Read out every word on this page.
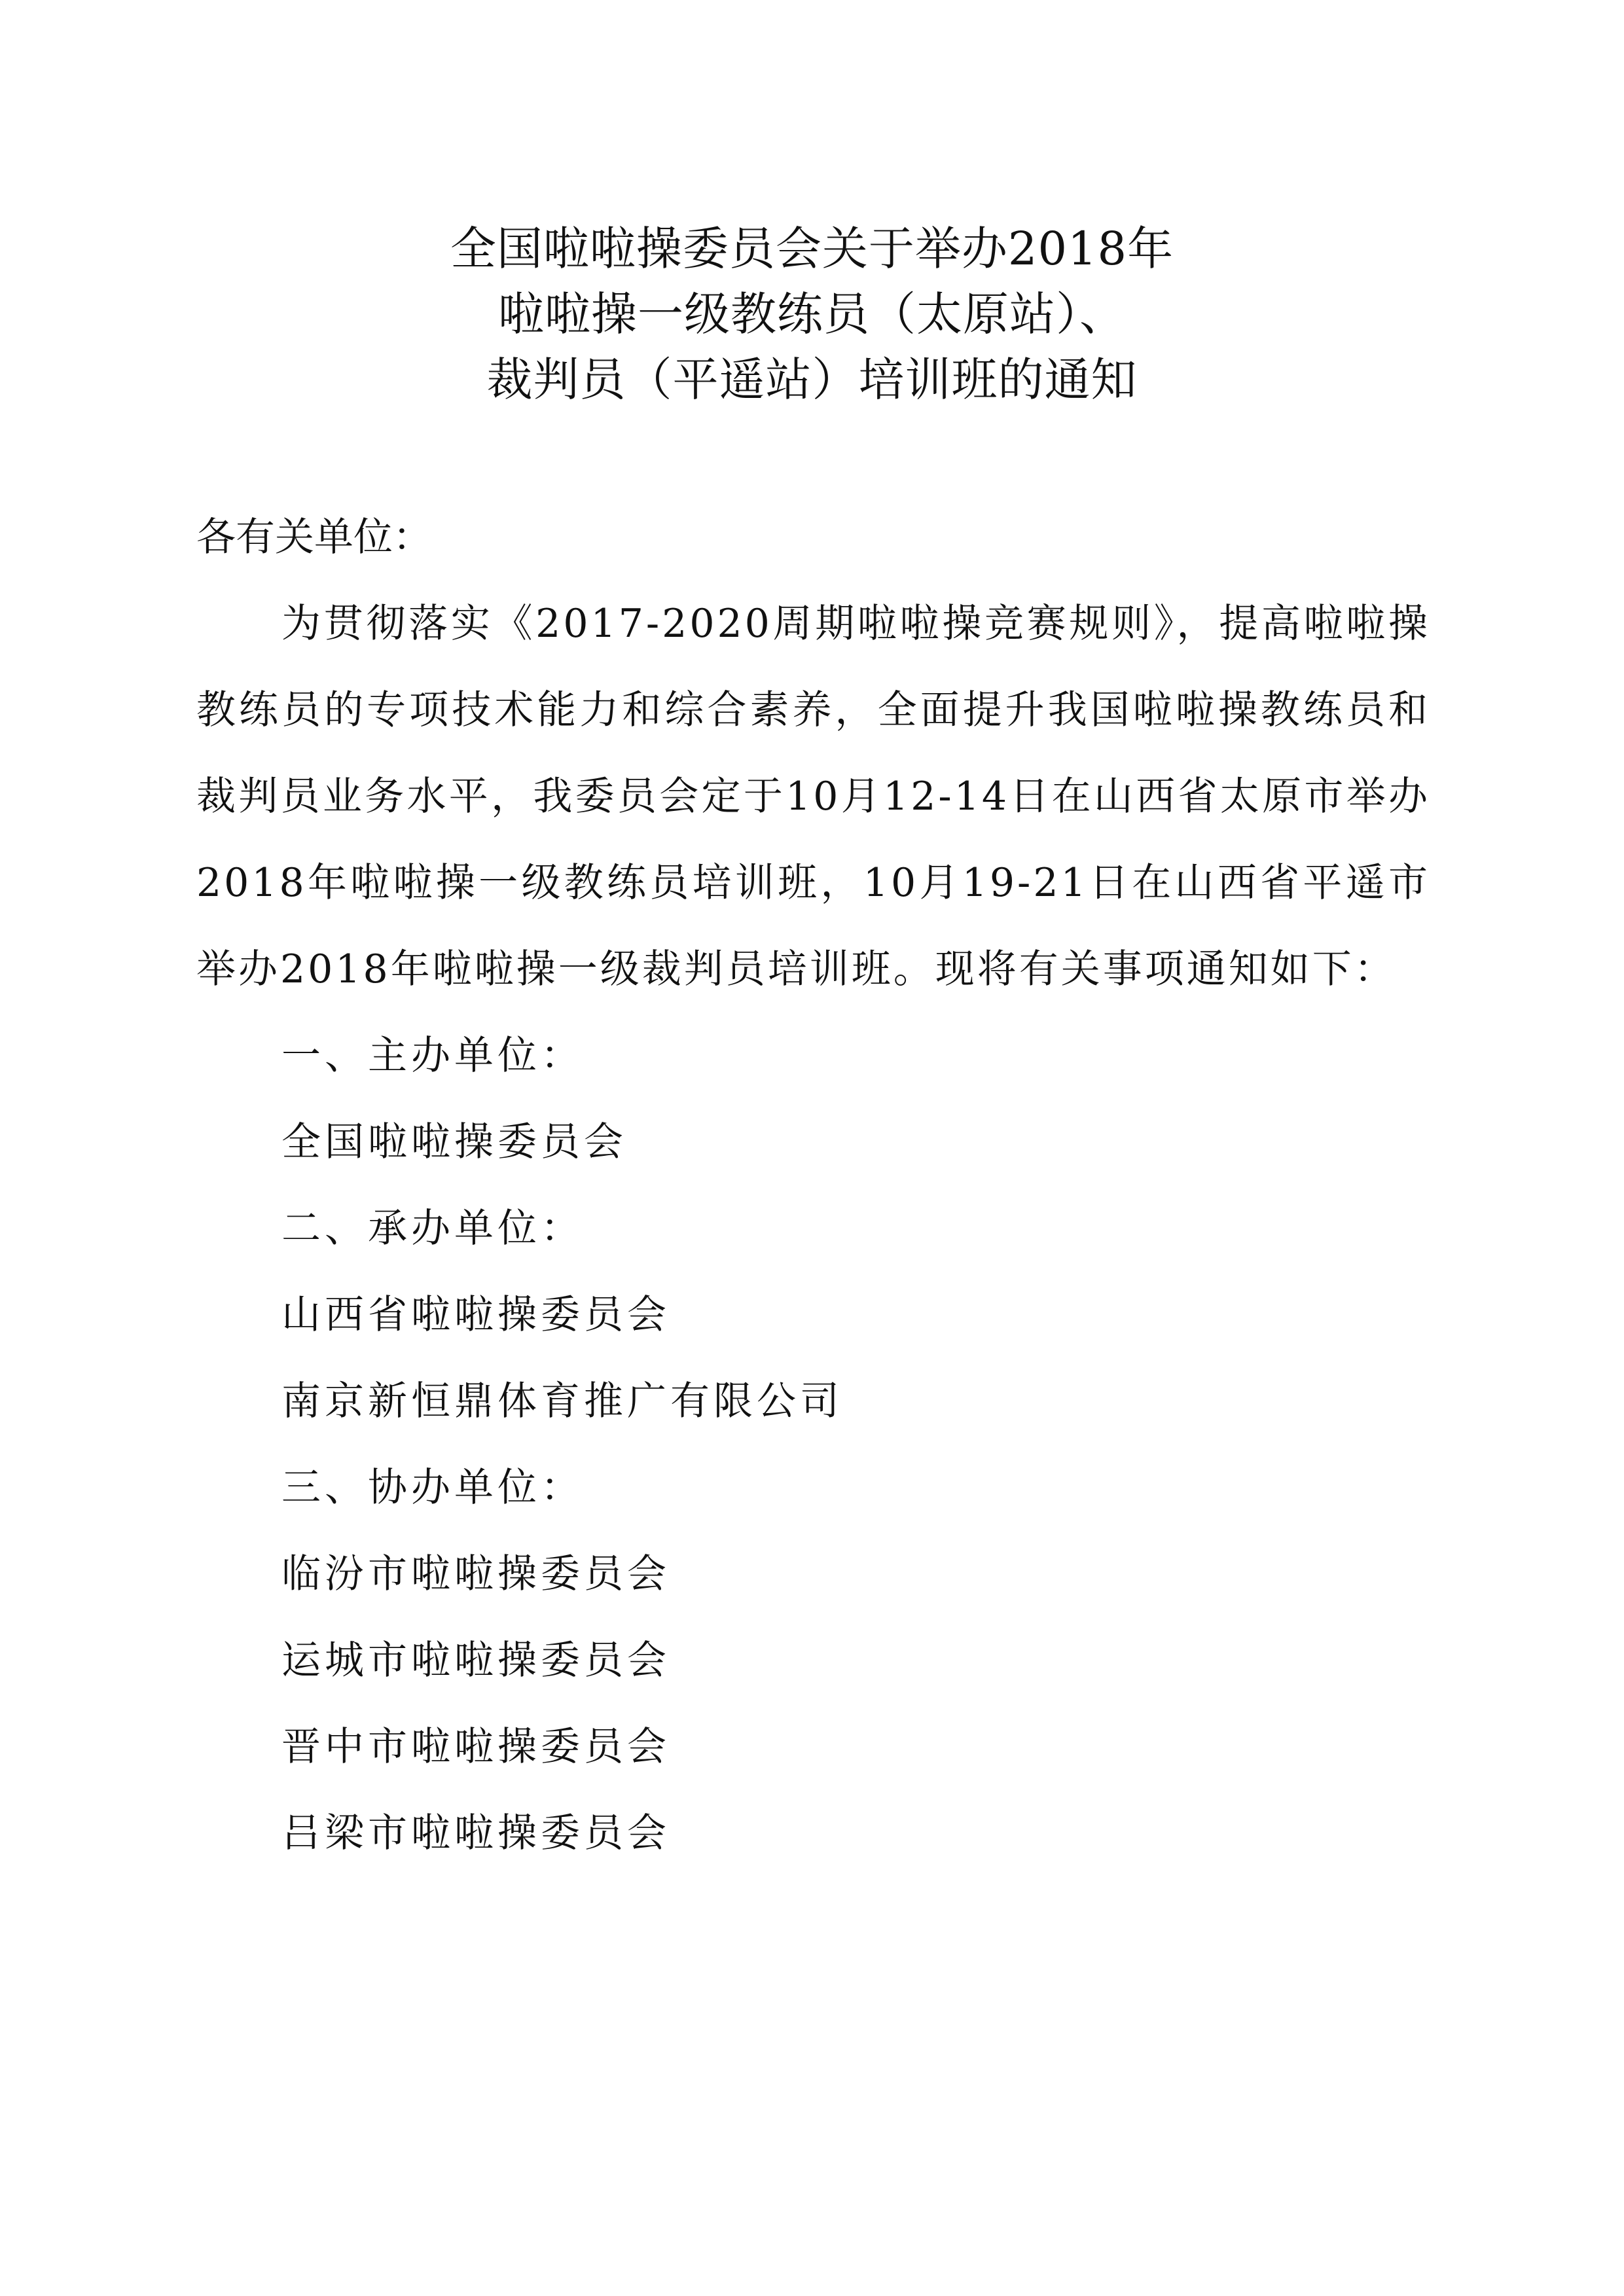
全国啦啦操委员会关于举办2018年
啦啦操一级教练员（太原站）、
裁判员（平遥站）培训班的通知

各有关单位：

为贯彻落实《2017-2020周期啦啦操竞赛规则》，提高啦啦操教练员的专项技术能力和综合素养，全面提升我国啦啦操教练员和裁判员业务水平，我委员会定于10月12-14日在山西省太原市举办2018年啦啦操一级教练员培训班，10月19-21日在山西省平遥市举办2018年啦啦操一级裁判员培训班。现将有关事项通知如下：

一、主办单位：

全国啦啦操委员会

二、承办单位：

山西省啦啦操委员会

南京新恒鼎体育推广有限公司

三、协办单位：

临汾市啦啦操委员会

运城市啦啦操委员会

晋中市啦啦操委员会

吕梁市啦啦操委员会
